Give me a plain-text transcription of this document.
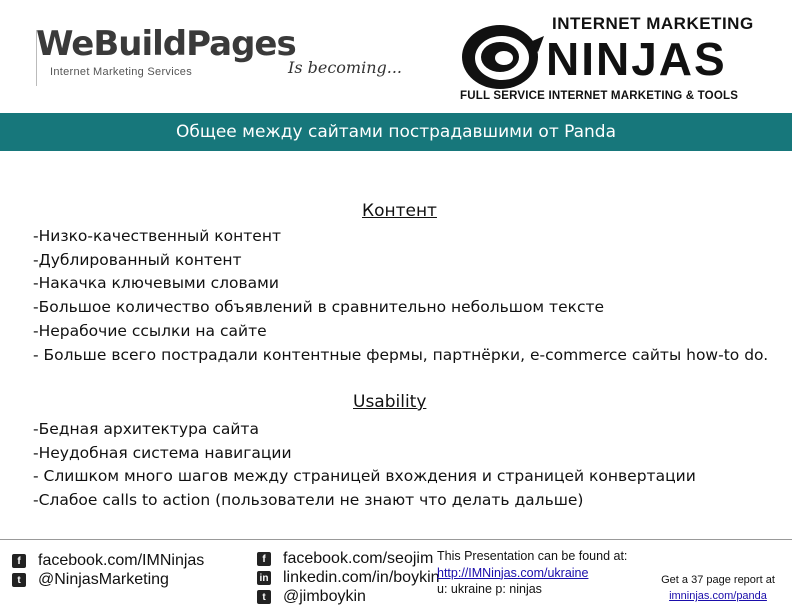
WeBuildPages
Internet Marketing Services	Is becoming...
INTERNET MARKETING
NINJAS
FULL SERVICE INTERNET MARKETING & TOOLS
Общее между сайтами пострадавшими от Panda
Контент
-Низко-качественный контент
-Дублированный контент
-Накачка ключевыми словами
-Большое количество объявлений в сравнительно небольшом тексте
-Нерабочие ссылки на сайте
- Больше всего пострадали контентные фермы, партнёрки, e-commerce сайты how-to do.
Usability
-Бедная архитектура сайта
-Неудобная система навигации
- Слишком много шагов между страницей вхождения и страницей конвертации
-Слабое calls to action (пользователи не знают что делать дальше)
f	facebook.com/IMNinjas
t	@NinjasMarketing
f	facebook.com/seojim
in linkedin.com/in/boykin
t	@jimboykin
This Presentation can be found at:
http://IMNinjas.com/ukraine
u: ukraine p: ninjas
Get a 37 page report at
imninjas.com/panda
